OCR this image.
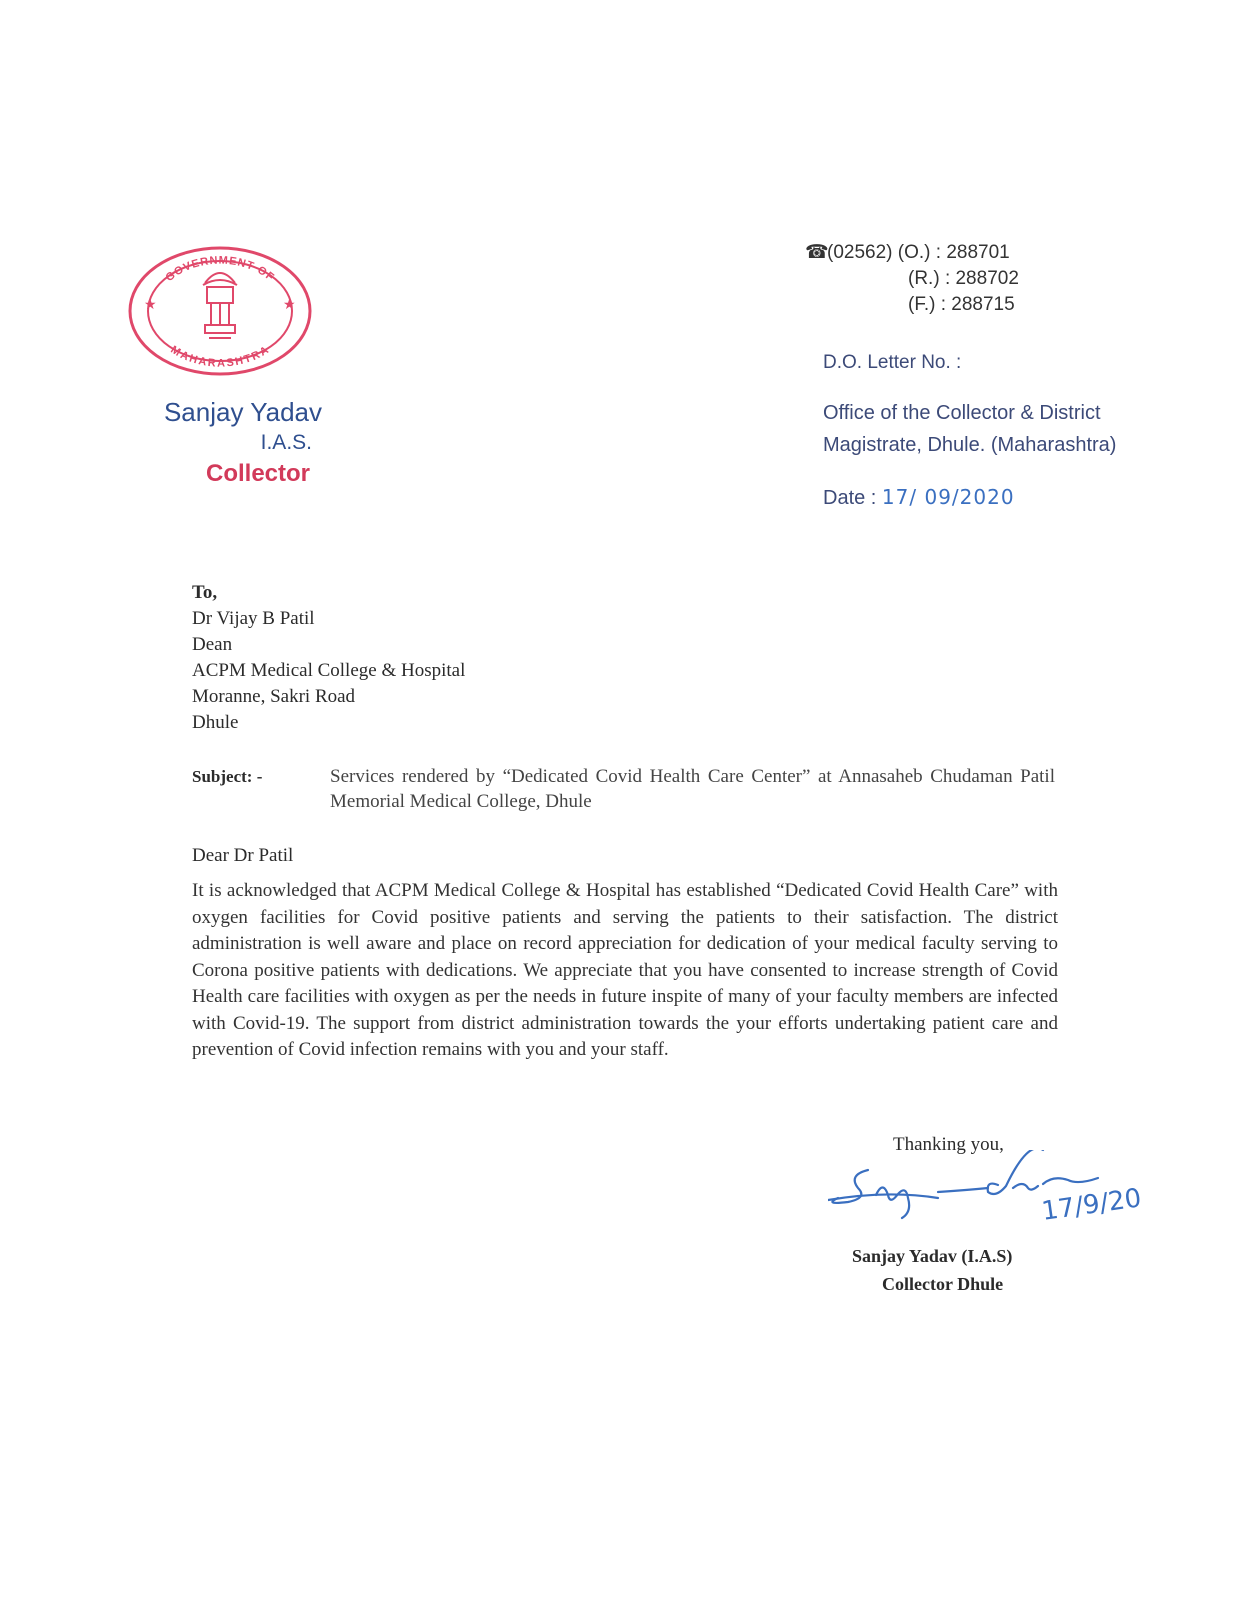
GOVERNMENT OF
MAHARASHTRA
★	★
Sanjay Yadav
I.A.S.
Collector
☎(02562) (O.) : 288701
(R.) : 288702
(F.) : 288715
D.O. Letter No. :
Office of the Collector & District
Magistrate, Dhule. (Maharashtra)
Date : 17/ 09/2020
To,
Dr Vijay B Patil
Dean
ACPM Medical College & Hospital
Moranne, Sakri Road
Dhule
Subject: -	Services rendered by “Dedicated Covid Health Care Center” at Annasaheb Chudaman Patil Memorial Medical College, Dhule
Dear Dr Patil
It is acknowledged that ACPM Medical College & Hospital has established “Dedicated Covid Health Care” with oxygen facilities for Covid positive patients and serving the patients to their satisfaction. The district administration is well aware and place on record appreciation for dedication of your medical faculty serving to Corona positive patients with dedications. We appreciate that you have consented to increase strength of Covid Health care facilities with oxygen as per the needs in future inspite of many of your faculty members are infected with Covid-19. The support from district administration towards the your efforts undertaking patient care and prevention of Covid infection remains with you and your staff.
Thanking you,
17/9/20
Sanjay Yadav (I.A.S)
Collector Dhule
